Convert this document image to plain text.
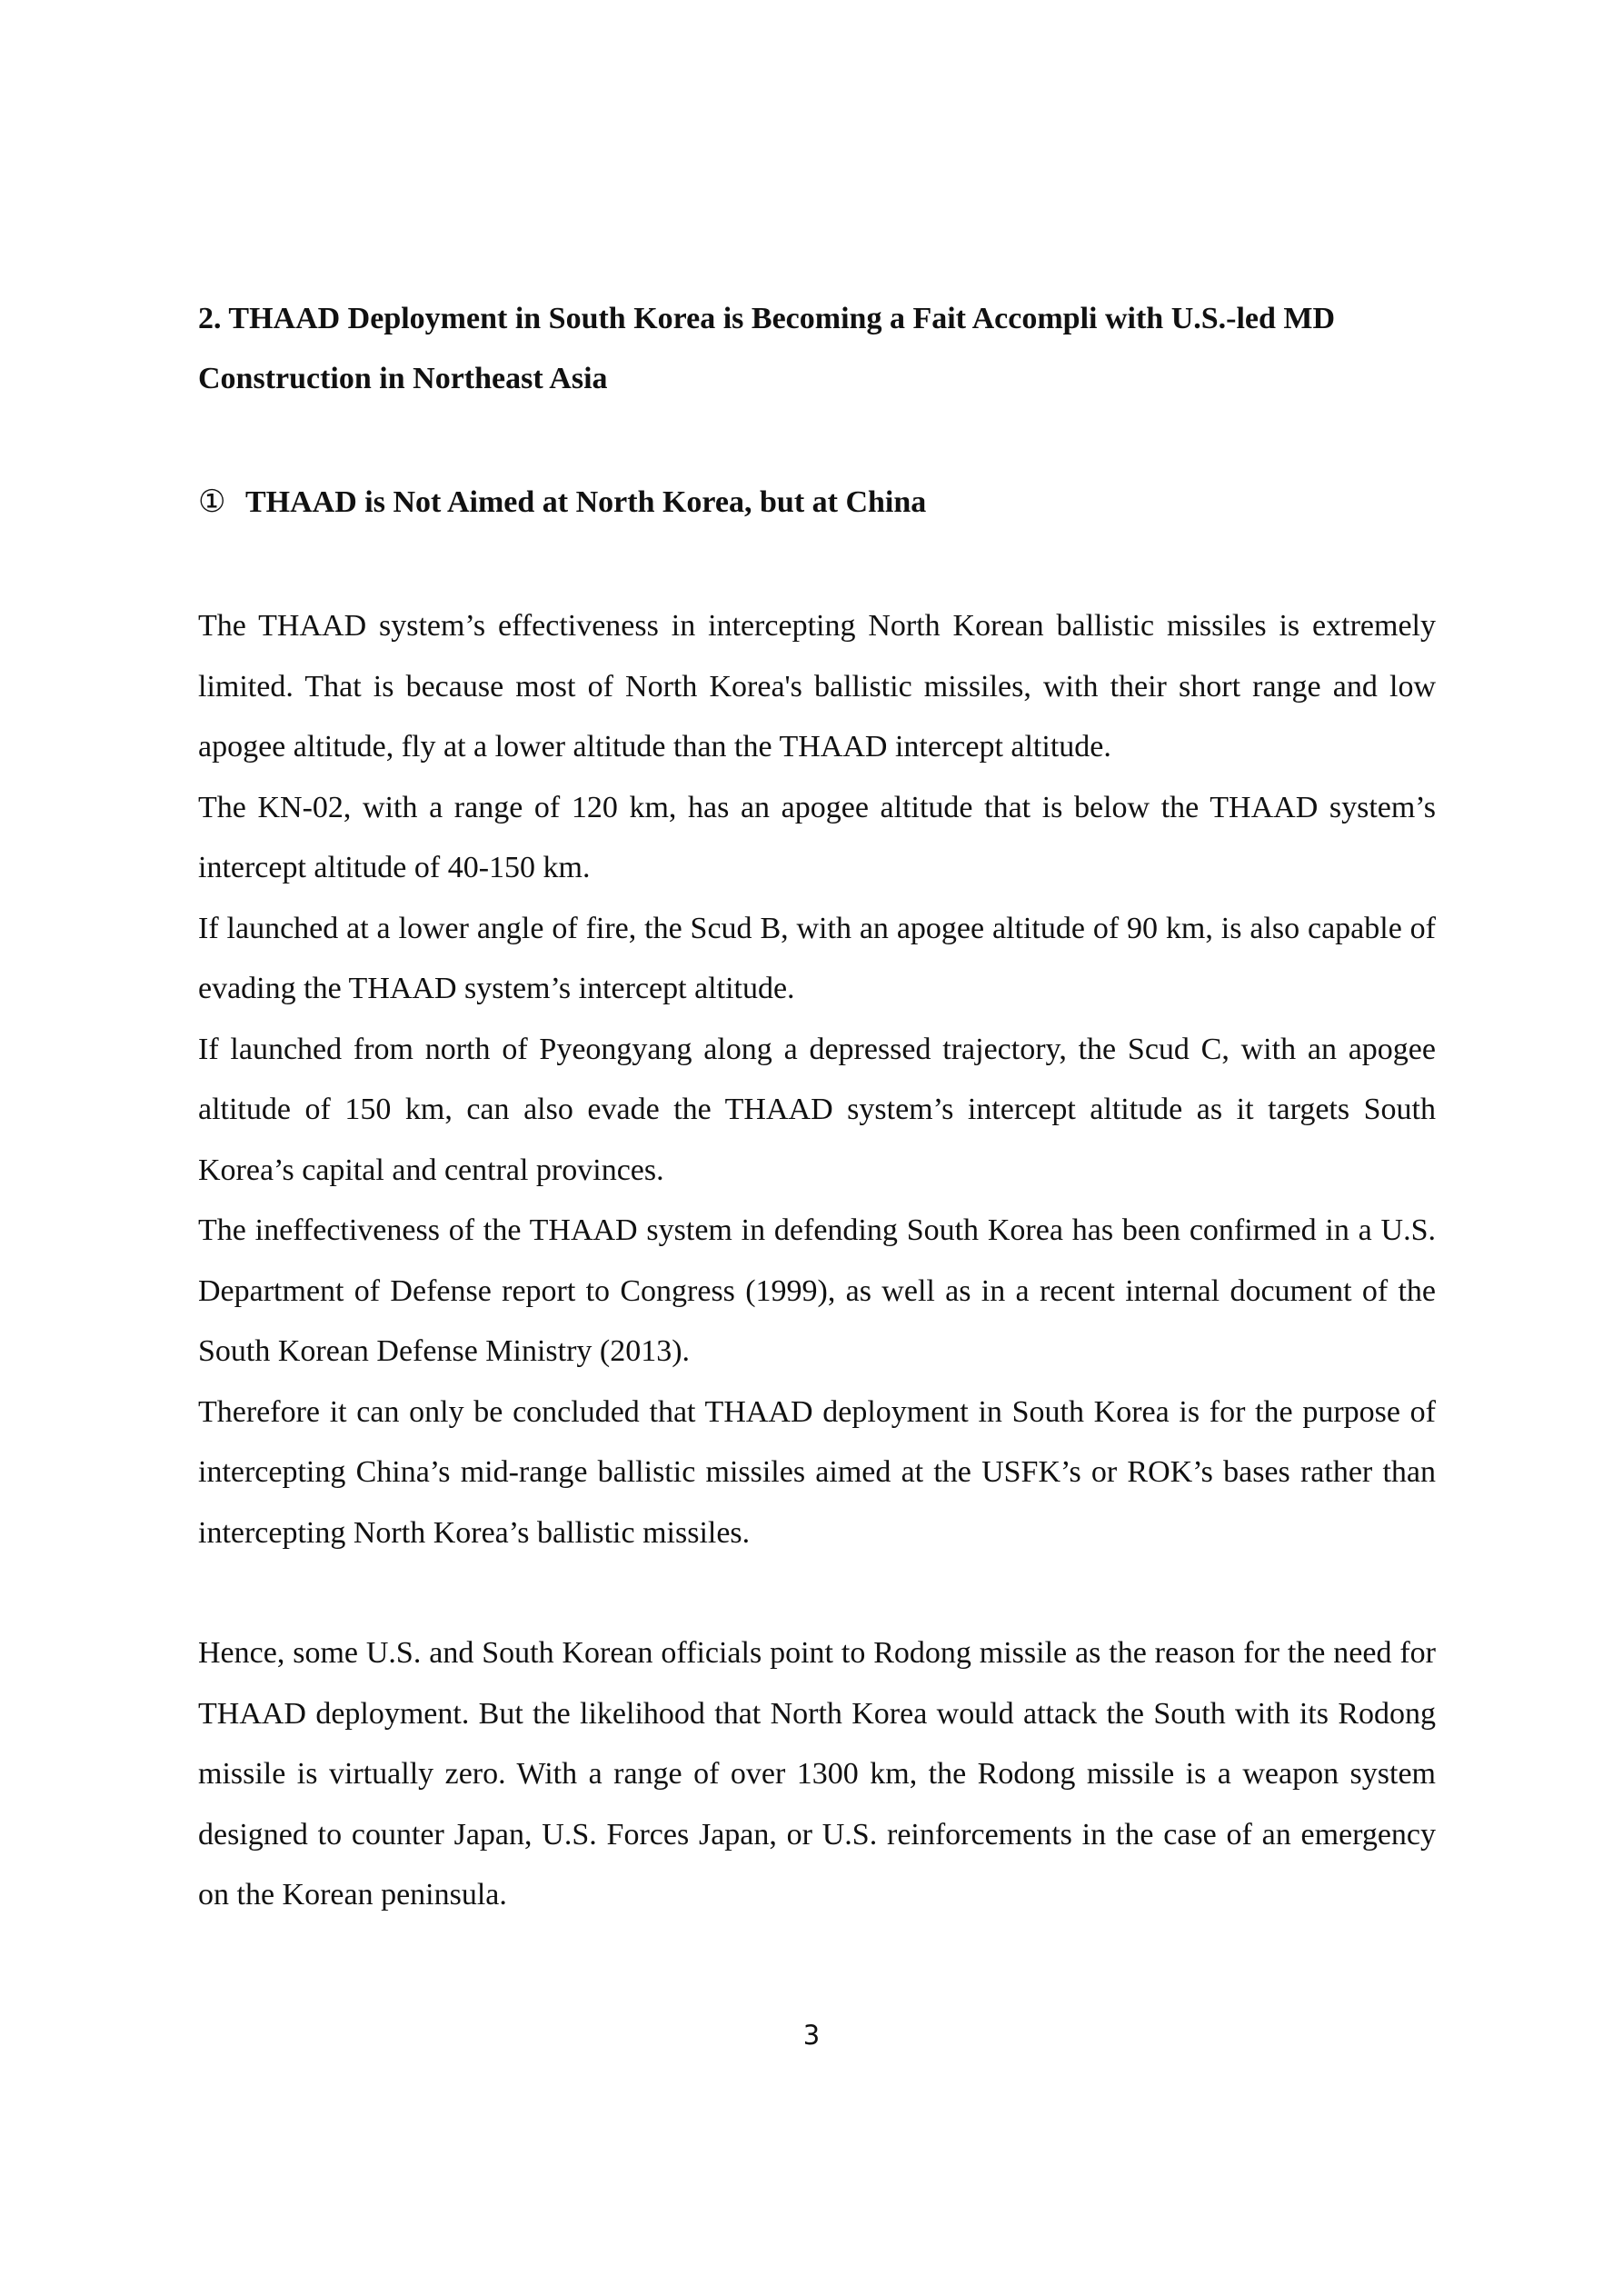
2. THAAD Deployment in South Korea is Becoming a Fait Accompli with U.S.-led MD Construction in Northeast Asia
① THAAD is Not Aimed at North Korea, but at China

The THAAD system’s effectiveness in intercepting North Korean ballistic missiles is extremely limited. That is because most of North Korea's ballistic missiles, with their short range and low apogee altitude, fly at a lower altitude than the THAAD intercept altitude.

The KN-02, with a range of 120 km, has an apogee altitude that is below the THAAD system’s intercept altitude of 40-150 km.

If launched at a lower angle of fire, the Scud B, with an apogee altitude of 90 km, is also capable of evading the THAAD system’s intercept altitude.

If launched from north of Pyeongyang along a depressed trajectory, the Scud C, with an apogee altitude of 150 km, can also evade the THAAD system’s intercept altitude as it targets South Korea’s capital and central provinces.

The ineffectiveness of the THAAD system in defending South Korea has been confirmed in a U.S. Department of Defense report to Congress (1999), as well as in a recent internal document of the South Korean Defense Ministry (2013).

Therefore it can only be concluded that THAAD deployment in South Korea is for the purpose of intercepting China’s mid-range ballistic missiles aimed at the USFK’s or ROK’s bases rather than intercepting North Korea’s ballistic missiles.

Hence, some U.S. and South Korean officials point to Rodong missile as the reason for the need for THAAD deployment. But the likelihood that North Korea would attack the South with its Rodong missile is virtually zero. With a range of over 1300 km, the Rodong missile is a weapon system designed to counter Japan, U.S. Forces Japan, or U.S. reinforcements in the case of an emergency on the Korean peninsula.

3
